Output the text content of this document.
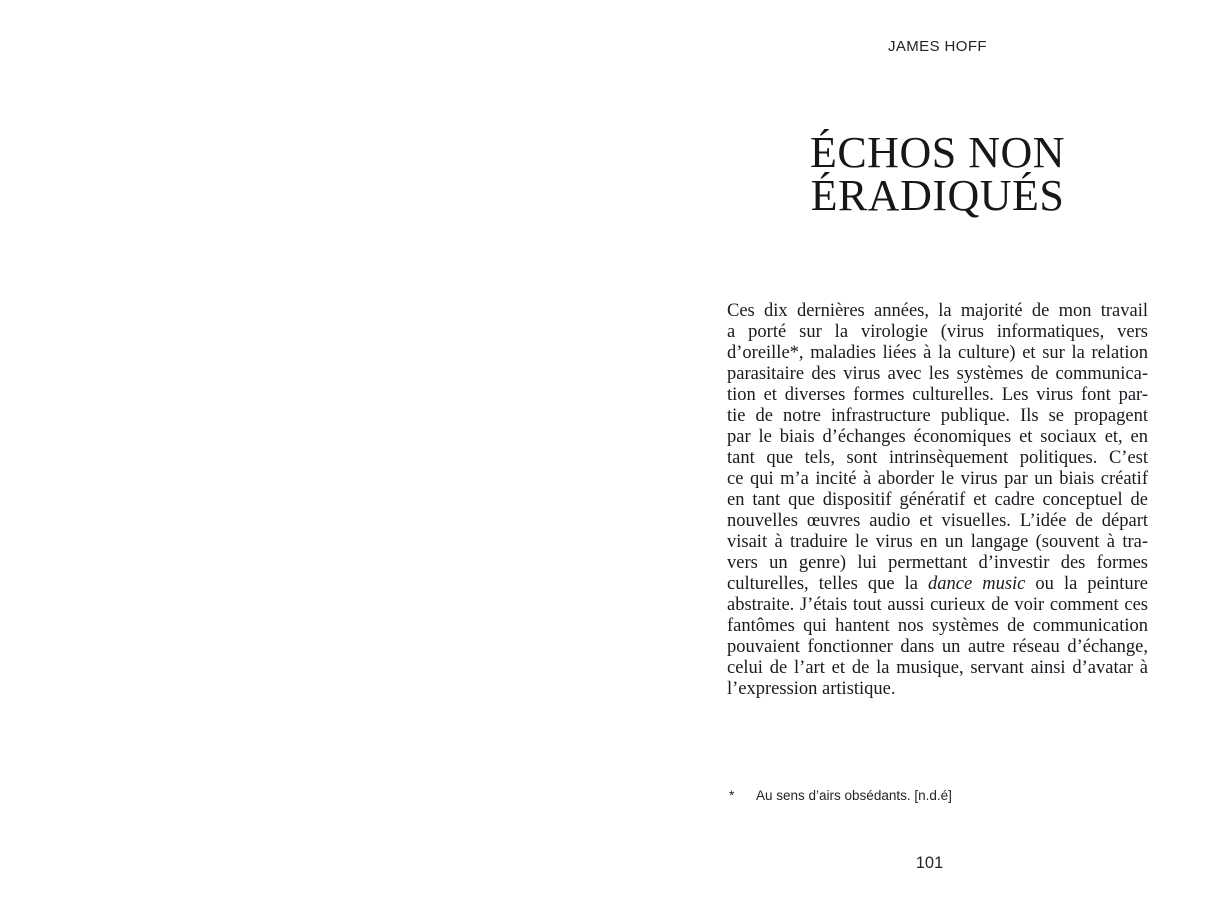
JAMES HOFF
ÉCHOS NON
ÉRADIQUÉS
Ces dix dernières années, la majorité de mon travail
a porté sur la virologie (virus informatiques, vers
d’oreille*, maladies liées à la culture) et sur la relation
parasitaire des virus avec les systèmes de communica-
tion et diverses formes culturelles. Les virus font par-
tie de notre infrastructure publique. Ils se propagent
par le biais d’échanges économiques et sociaux et, en
tant que tels, sont intrinsèquement politiques. C’est
ce qui m’a incité à aborder le virus par un biais créatif
en tant que dispositif génératif et cadre conceptuel de
nouvelles œuvres audio et visuelles. L’idée de départ
visait à traduire le virus en un langage (souvent à tra-
vers un genre) lui permettant d’investir des formes
culturelles, telles que la dance music ou la peinture
abstraite. J’étais tout aussi curieux de voir comment ces
fantômes qui hantent nos systèmes de communication
pouvaient fonctionner dans un autre réseau d’échange,
celui de l’art et de la musique, servant ainsi d’avatar à
l’expression artistique.
*	Au sens d’airs obsédants. [n.d.é]
101
